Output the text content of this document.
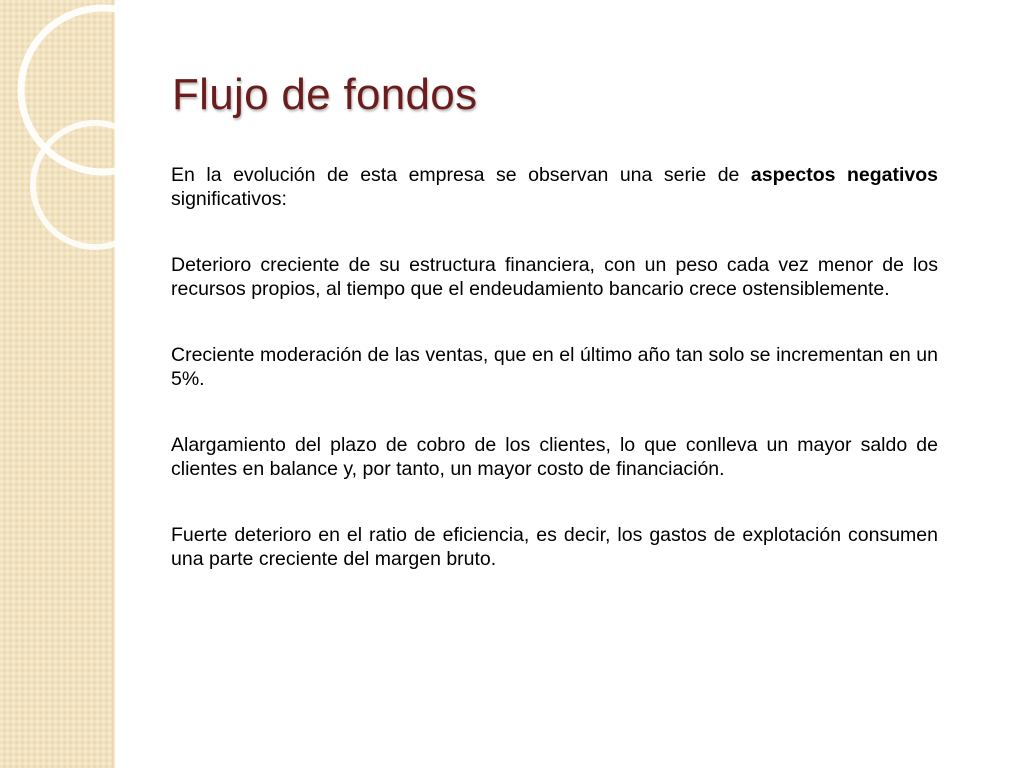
Flujo de fondos

En la evolución de esta empresa se observan una serie de aspectos negativos significativos:

Deterioro creciente de su estructura financiera, con un peso cada vez menor de los recursos propios, al tiempo que el endeudamiento bancario crece ostensiblemente.

Creciente moderación de las ventas, que en el último año tan solo se incrementan en un 5%.

Alargamiento del plazo de cobro de los clientes, lo que conlleva un mayor saldo de clientes en balance y, por tanto, un mayor costo de financiación.

Fuerte deterioro en el ratio de eficiencia, es decir, los gastos de explotación consumen una parte creciente del margen bruto.
